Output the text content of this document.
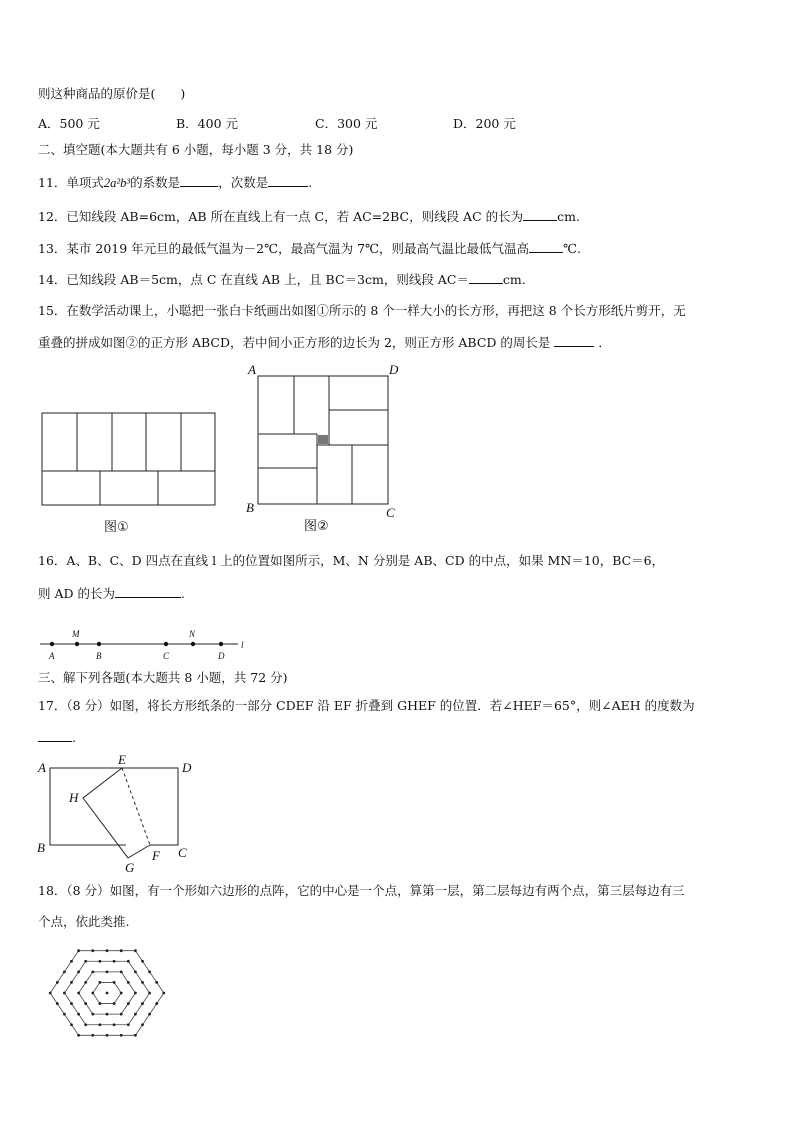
则这种商品的原价是(　　)
A．500 元	B．400 元	C．300 元	D．200 元
二、填空题(本大题共有 6 小题，每小题 3 分，共 18 分)
11．单项式2a²b³的系数是	，次数是	.
12．已知线段 AB=6cm，AB 所在直线上有一点 C，若 AC=2BC，则线段 AC 的长为	cm.
13．某市 2019 年元旦的最低气温为－2℃，最高气温为 7℃，则最高气温比最低气温高	℃.
14．已知线段 AB＝5cm，点 C 在直线 AB 上，且 BC＝3cm，则线段 AC＝	cm.
15．在数学活动课上，小聪把一张白卡纸画出如图①所示的 8 个一样大小的长方形，再把这 8 个长方形纸片剪开，无
重叠的拼成如图②的正方形 ABCD，若中间小正方形的边长为 2，则正方形 ABCD 的周长是	．
图①
A	D
B	C
图②
16．A、B、C、D 四点在直线 l 上的位置如图所示，M、N 分别是 AB、CD 的中点，如果 MN＝10，BC＝6，
则 AD 的长为	.
A
M
B	C
N
D
l
三、解下列各题(本大题共 8 小题，共 72 分)
17．（8 分）如图，将长方形纸条的一部分 CDEF 沿 EF 折叠到 GHEF 的位置．若∠HEF＝65°，则∠AEH 的度数为
.
A
E
D
H
B
G
F C
18．（8 分）如图，有一个形如六边形的点阵，它的中心是一个点，算第一层，第二层每边有两个点，第三层每边有三
个点，依此类推.
